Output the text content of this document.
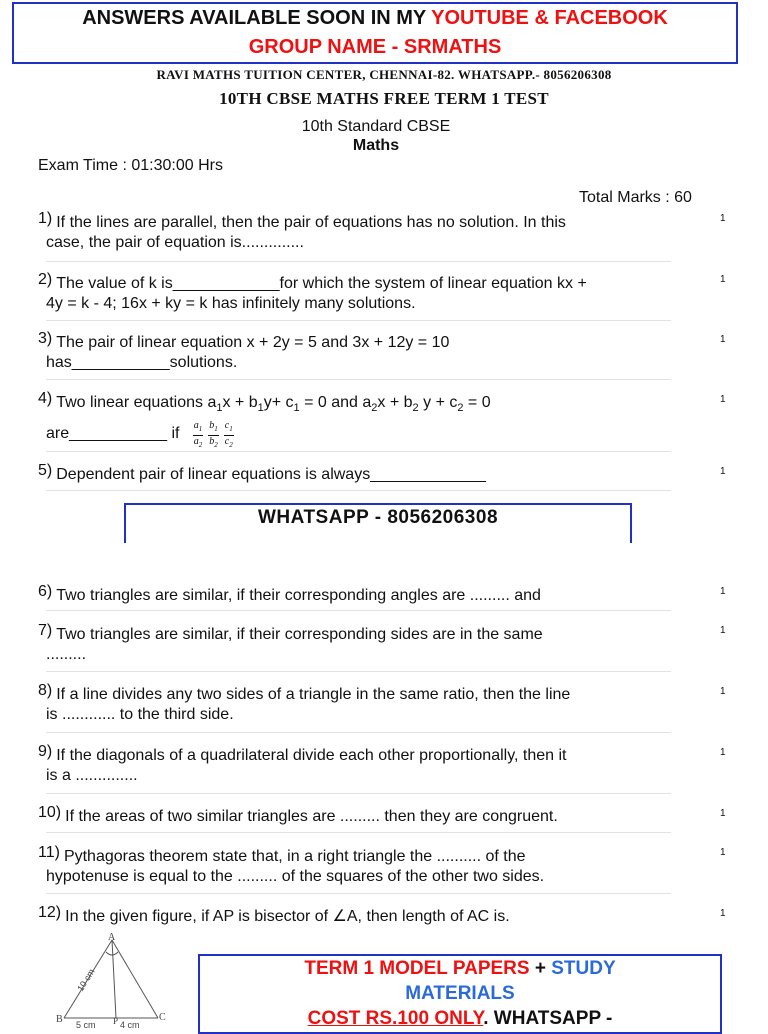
ANSWERS AVAILABLE SOON IN MY YOUTUBE & FACEBOOK
GROUP NAME - SRMATHS
RAVI MATHS TUITION CENTER, CHENNAI-82. WHATSAPP.- 8056206308
10TH CBSE MATHS FREE TERM 1 TEST
10th Standard CBSE
Maths
Exam Time : 01:30:00 Hrs
Total Marks : 60
1) If the lines are parallel, then the pair of equations has no solution. In this
case, the pair of equation is..............
1
2) The value of k is____________for which the system of linear equation kx +
4y = k - 4; 16x + ky = k has infinitely many solutions.
1
3) The pair of linear equation x + 2y = 5 and 3x + 12y = 10
has___________solutions.
1
4) Two linear equations $a_1x + b_1y+ c_1 = 0$ and $a_2x + b_2$ $y + c_2 = 0$
are___________ if $\frac{a_1}{a_2} \frac{b_1}{b_2} \frac{c_1}{c_2}$
1
5) Dependent pair of linear equations is always_____________	1
WHATSAPP - 8056206308
6) Two triangles are similar, if their corresponding angles are ......... and	1
7) Two triangles are similar, if their corresponding sides are in the same
.........
1
8) If a line divides any two sides of a triangle in the same ratio, then the line
is ............ to the third side.
1
9) If the diagonals of a quadrilateral divide each other proportionally, then it
is a ..............
1
10) If the areas of two similar triangles are ......... then they are congruent.	1
11) Pythagoras theorem state that, in a right triangle the .......... of the
hypotenuse is equal to the ......... of the squares of the other two sides.
1
12) In the given figure, if AP is bisector of ∠A, then length of AC is.	1
A
B	C
P
10 cm
5 cm	4 cm
TERM 1 MODEL PAPERS + STUDY
MATERIALS
COST RS.100 ONLY. WHATSAPP -
